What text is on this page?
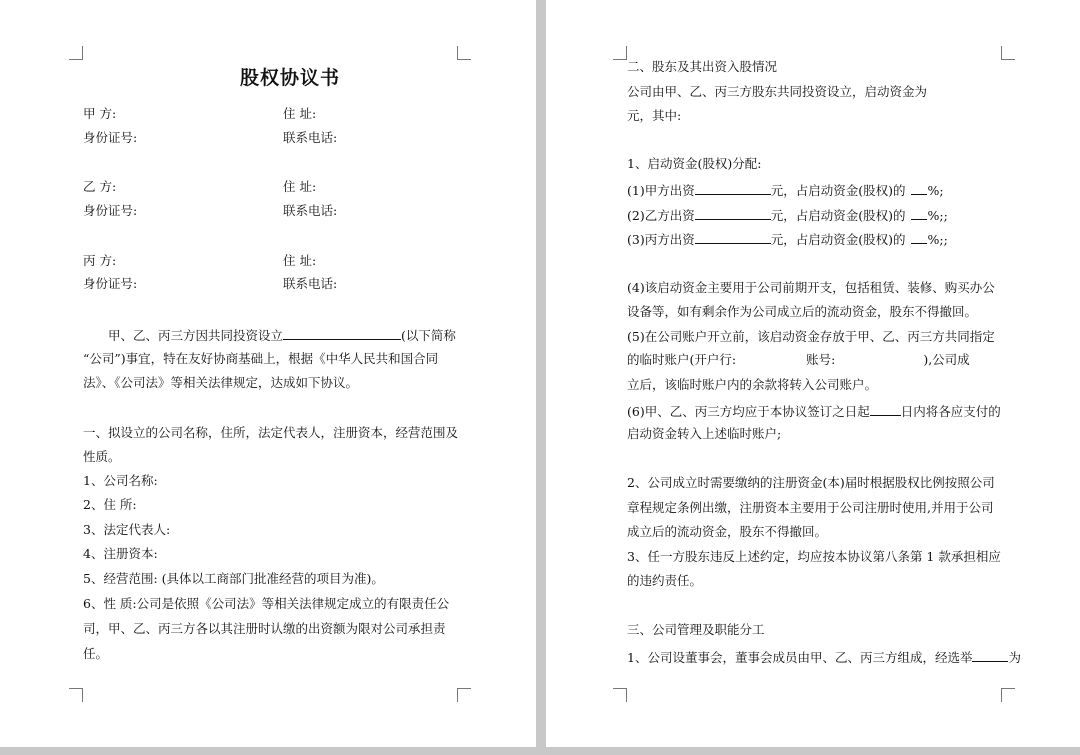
股权协议书
甲 方:	住 址:
身份证号:	联系电话:
乙 方:	住 址:
身份证号:	联系电话:
丙 方:	住 址:
身份证号:	联系电话:
甲、乙、丙三方因共同投资设立	(以下简称
“公司”)事宜，特在友好协商基础上，根据《中华人民共和国合同
法》、《公司法》等相关法律规定，达成如下协议。
一、拟设立的公司名称，住所，法定代表人，注册资本，经营范围及
性质。
1、公司名称:
2、住 所:
3、法定代表人:
4、注册资本:
5、经营范围: (具体以工商部门批准经营的项目为准)。
6、性 质:公司是依照《公司法》等相关法律规定成立的有限责任公
司，甲、乙、丙三方各以其注册时认缴的出资额为限对公司承担责
任。
二、股东及其出资入股情况
公司由甲、乙、丙三方股东共同投资设立，启动资金为
元，其中:
1、启动资金(股权)分配:
(1)甲方出资	元，占启动资金(股权)的 %;
(2)乙方出资	元，占启动资金(股权)的 %;;
(3)丙方出资	元，占启动资金(股权)的 %;;
(4)该启动资金主要用于公司前期开支，包括租赁、装修、购买办公
设备等，如有剩余作为公司成立后的流动资金，股东不得撤回。
(5)在公司账户开立前，该启动资金存放于甲、乙、丙三方共同指定
的临时账户(开户行:	账号:	),公司成
立后，该临时账户内的余款将转入公司账户。
(6)甲、乙、丙三方均应于本协议签订之日起 日内将各应支付的
启动资金转入上述临时账户;
2、公司成立时需要缴纳的注册资金(本)届时根据股权比例按照公司
章程规定条例出缴，注册资本主要用于公司注册时使用,并用于公司
成立后的流动资金，股东不得撤回。
3、任一方股东违反上述约定，均应按本协议第八条第 1 款承担相应
的违约责任。
三、公司管理及职能分工
1、公司设董事会，董事会成员由甲、乙、丙三方组成，经选举	为
